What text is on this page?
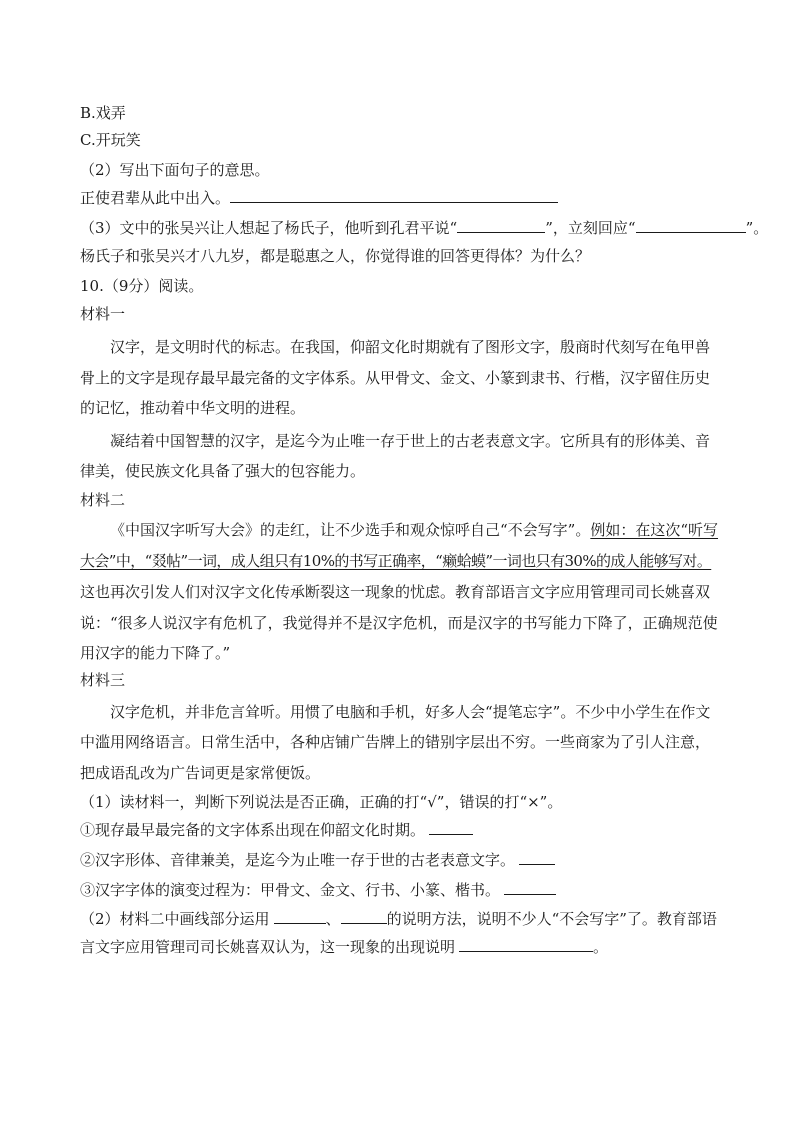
B.戏弄
C.开玩笑
（2）写出下面句子的意思。
正使君辈从此中出入。
（3）文中的张吴兴让人想起了杨氏子，他听到孔君平说“	”，立刻回应“	”。
杨氏子和张吴兴才八九岁，都是聪惠之人，你觉得谁的回答更得体？为什么？
10.（9分）阅读。
材料一
汉字，是文明时代的标志。在我国，仰韶文化时期就有了图形文字，殷商时代刻写在龟甲兽
骨上的文字是现存最早最完备的文字体系。从甲骨文、金文、小篆到隶书、行楷，汉字留住历史
的记忆，推动着中华文明的进程。
凝结着中国智慧的汉字，是迄今为止唯一存于世上的古老表意文字。它所具有的形体美、音
律美，使民族文化具备了强大的包容能力。
材料二
《中国汉字听写大会》的走红，让不少选手和观众惊呼自己“不会写字”。例如：在这次“听写
大会”中，“叕帖”一词，成人组只有10%的书写正确率，“癞蛤蟆”一词也只有30%的成人能够写对。
这也再次引发人们对汉字文化传承断裂这一现象的忧虑。教育部语言文字应用管理司司长姚喜双
说：“很多人说汉字有危机了，我觉得并不是汉字危机，而是汉字的书写能力下降了，正确规范使
用汉字的能力下降了。”
材料三
汉字危机，并非危言耸听。用惯了电脑和手机，好多人会“提笔忘字”。不少中小学生在作文
中滥用网络语言。日常生活中，各种店铺广告牌上的错别字层出不穷。一些商家为了引人注意，
把成语乱改为广告词更是家常便饭。
（1）读材料一，判断下列说法是否正确，正确的打“√”，错误的打“×”。
①现存最早最完备的文字体系出现在仰韶文化时期。
②汉字形体、音律兼美，是迄今为止唯一存于世的古老表意文字。
③汉字字体的演变过程为：甲骨文、金文、行书、小篆、楷书。
（2）材料二中画线部分运用	、	的说明方法，说明不少人“不会写字”了。教育部语
言文字应用管理司司长姚喜双认为，这一现象的出现说明	。
